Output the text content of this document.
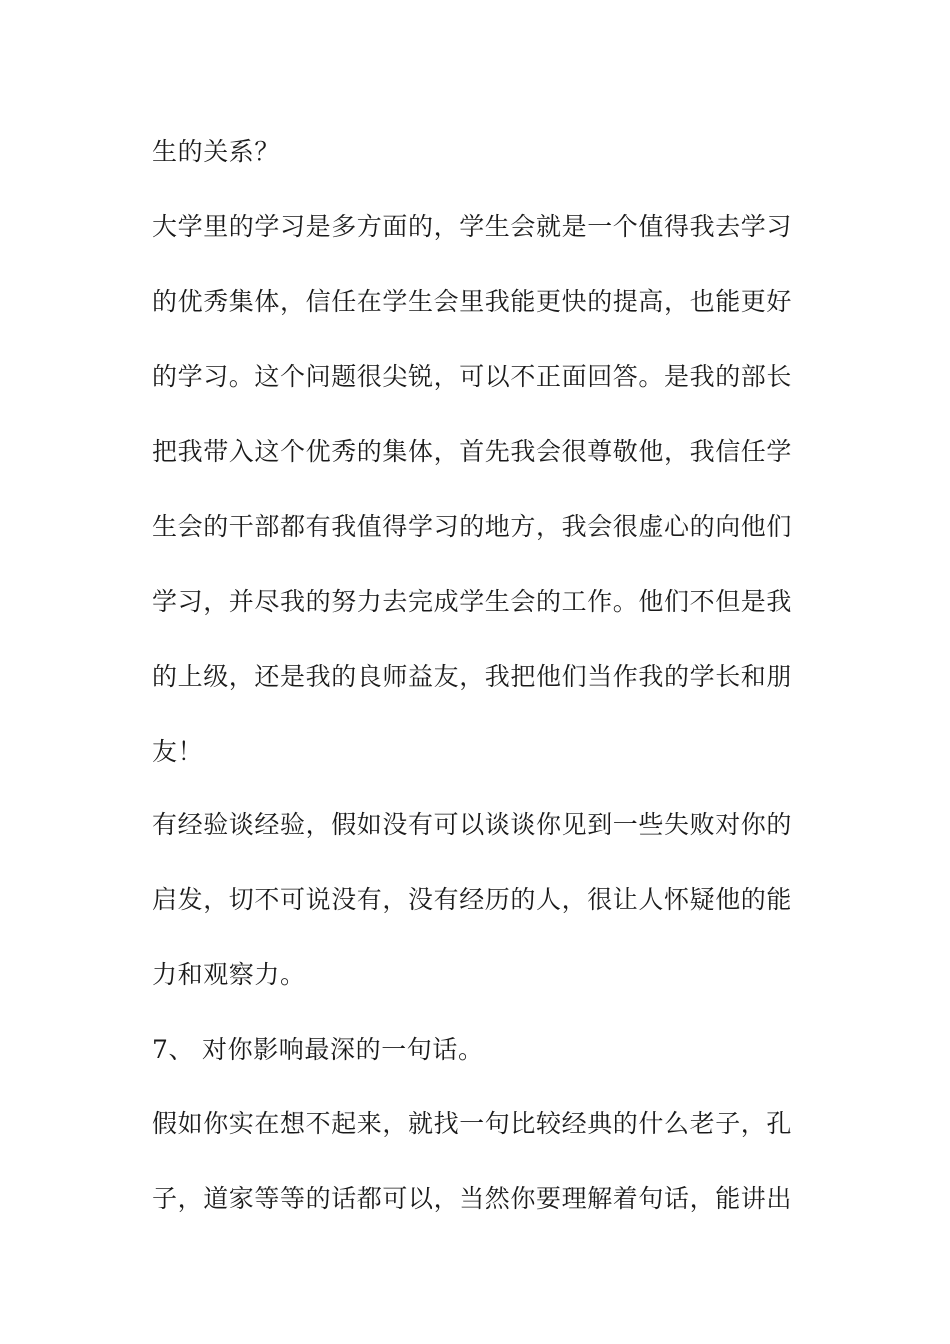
生的关系？
大学里的学习是多方面的，学生会就是一个值得我去学习
的优秀集体，信任在学生会里我能更快的提高，也能更好
的学习。这个问题很尖锐，可以不正面回答。是我的部长
把我带入这个优秀的集体，首先我会很尊敬他，我信任学
生会的干部都有我值得学习的地方，我会很虚心的向他们
学习，并尽我的努力去完成学生会的工作。他们不但是我
的上级，还是我的良师益友，我把他们当作我的学长和朋
友！
有经验谈经验，假如没有可以谈谈你见到一些失败对你的
启发，切不可说没有，没有经历的人，很让人怀疑他的能
力和观察力。
7、 对你影响最深的一句话。
假如你实在想不起来，就找一句比较经典的什么老子，孔
子，道家等等的话都可以，当然你要理解着句话，能讲出
